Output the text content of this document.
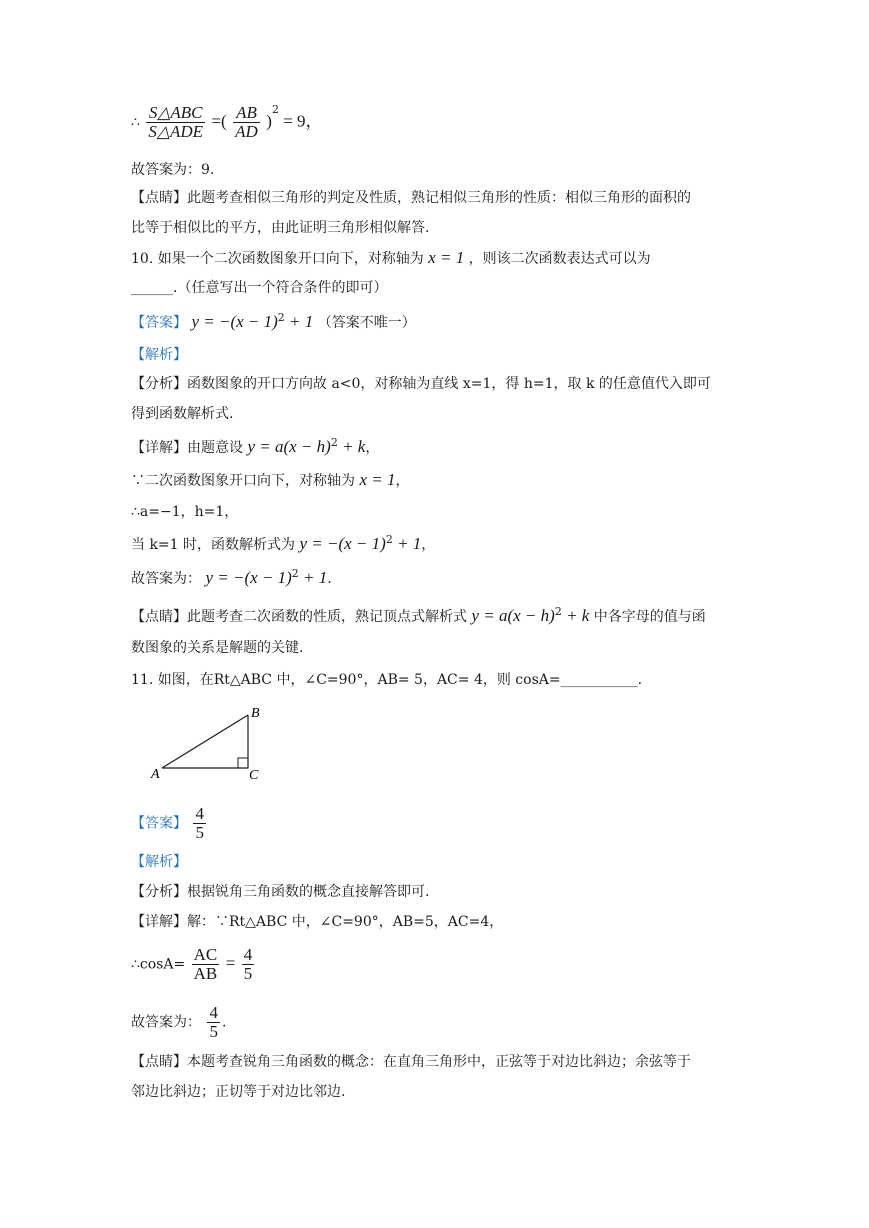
∴ $\frac{\text{S△ABC}}{\text{S△ADE}}$ =( $\frac{AB}{AD} )^2 = 9$，
故答案为：9.
【点睛】此题考查相似三角形的判定及性质，熟记相似三角形的性质：相似三角形的面积的
比等于相似比的平方，由此证明三角形相似解答.
10. 如果一个二次函数图象开口向下，对称轴为 x = 1 ，则该二次函数表达式可以为
______.（任意写出一个符合条件的即可）
【答案】 $y = -(x - 1)^2 + 1$ （答案不唯一）
【解析】
【分析】函数图象的开口方向故 a<0，对称轴为直线 x=1，得 h=1，取 k 的任意值代入即可
得到函数解析式.
【详解】由题意设 $y = a(x - h)^2 + k$，
∵二次函数图象开口向下，对称轴为 x = 1，
∴a=−1，h=1，
当 k=1 时，函数解析式为 $y = -(x - 1)^2 + 1$，
故答案为： $y = -(x - 1)^2 + 1$.
【点睛】此题考查二次函数的性质，熟记顶点式解析式 $y = a(x - h)^2 + k$ 中各字母的值与函
数图象的关系是解题的关键.
11. 如图，在Rt△ABC 中，∠C=90°，AB= 5，AC= 4，则 cosA=___________.
B
A	C
【答案】 $\frac{4}{5}$
【解析】
【分析】根据锐角三角函数的概念直接解答即可.
【详解】解：∵Rt△ABC 中，∠C=90°，AB=5，AC=4，
∴cosA= $\frac{AC}{AB} = \frac{4}{5}$
故答案为： $\frac{4}{5}$ .
【点睛】本题考查锐角三角函数的概念：在直角三角形中，正弦等于对边比斜边；余弦等于
邻边比斜边；正切等于对边比邻边.
